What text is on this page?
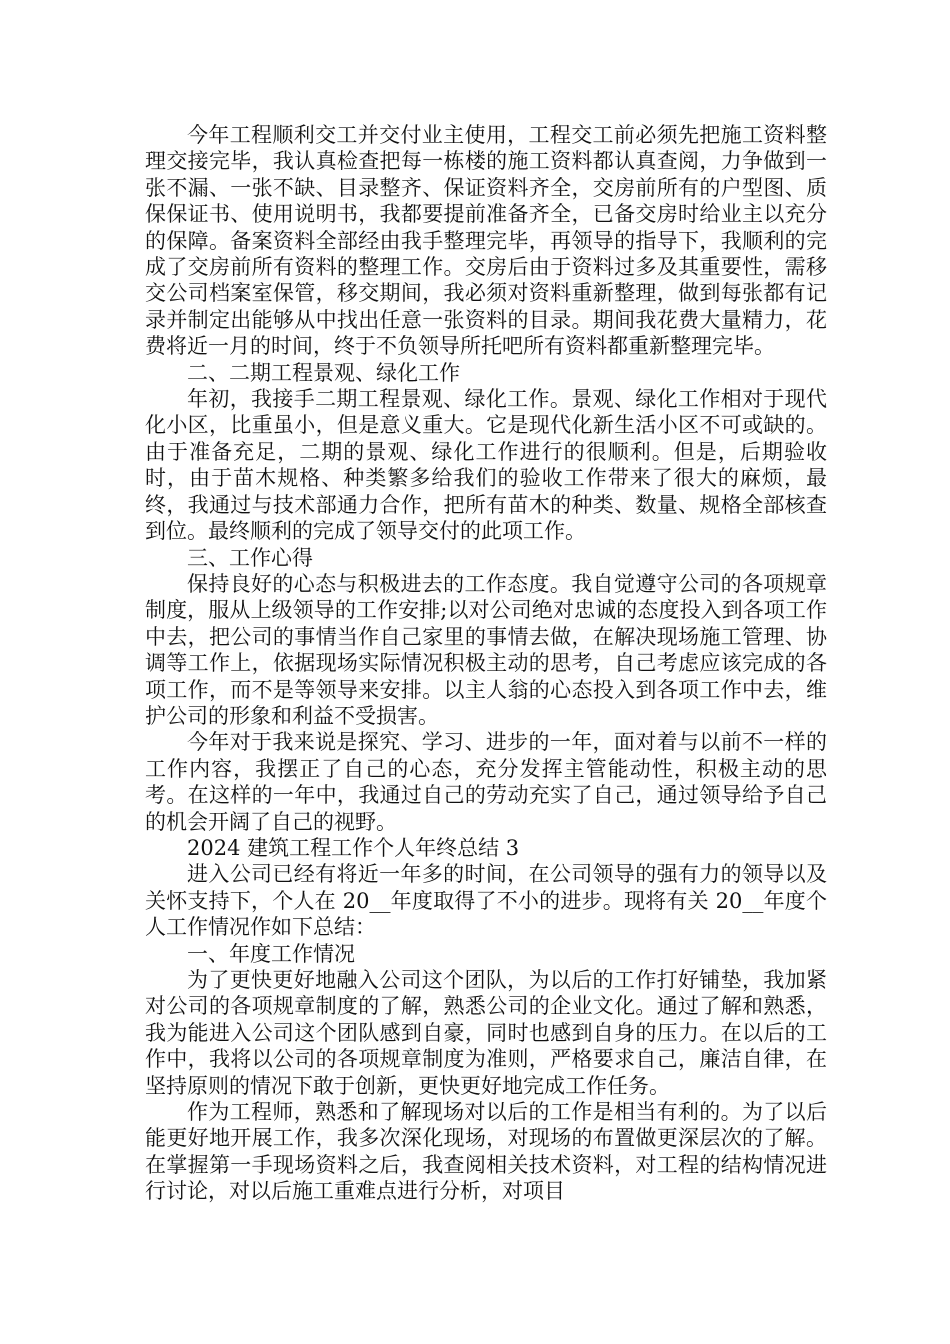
今年工程顺利交工并交付业主使用，工程交工前必须先把施工资料整理交接完毕，我认真检查把每一栋楼的施工资料都认真查阅，力争做到一张不漏、一张不缺、目录整齐、保证资料齐全，交房前所有的户型图、质保保证书、使用说明书，我都要提前准备齐全，已备交房时给业主以充分的保障。备案资料全部经由我手整理完毕，再领导的指导下，我顺利的完成了交房前所有资料的整理工作。交房后由于资料过多及其重要性，需移交公司档案室保管，移交期间，我必须对资料重新整理，做到每张都有记录并制定出能够从中找出任意一张资料的目录。期间我花费大量精力，花费将近一月的时间，终于不负领导所托吧所有资料都重新整理完毕。

二、二期工程景观、绿化工作

年初，我接手二期工程景观、绿化工作。景观、绿化工作相对于现代化小区，比重虽小，但是意义重大。它是现代化新生活小区不可或缺的。由于准备充足，二期的景观、绿化工作进行的很顺利。但是，后期验收时，由于苗木规格、种类繁多给我们的验收工作带来了很大的麻烦，最终，我通过与技术部通力合作，把所有苗木的种类、数量、规格全部核查到位。最终顺利的完成了领导交付的此项工作。

三、工作心得

保持良好的心态与积极进去的工作态度。我自觉遵守公司的各项规章制度，服从上级领导的工作安排;以对公司绝对忠诚的态度投入到各项工作中去，把公司的事情当作自己家里的事情去做，在解决现场施工管理、协调等工作上，依据现场实际情况积极主动的思考，自己考虑应该完成的各项工作，而不是等领导来安排。以主人翁的心态投入到各项工作中去，维护公司的形象和利益不受损害。

今年对于我来说是探究、学习、进步的一年，面对着与以前不一样的工作内容，我摆正了自己的心态，充分发挥主管能动性，积极主动的思考。在这样的一年中，我通过自己的劳动充实了自己，通过领导给予自己的机会开阔了自己的视野。

2024 建筑工程工作个人年终总结 3

进入公司已经有将近一年多的时间，在公司领导的强有力的领导以及关怀支持下，个人在 20__年度取得了不小的进步。现将有关 20__年度个人工作情况作如下总结：

一、年度工作情况

为了更快更好地融入公司这个团队，为以后的工作打好铺垫，我加紧对公司的各项规章制度的了解，熟悉公司的企业文化。通过了解和熟悉，我为能进入公司这个团队感到自豪，同时也感到自身的压力。在以后的工作中，我将以公司的各项规章制度为准则，严格要求自己，廉洁自律，在坚持原则的情况下敢于创新，更快更好地完成工作任务。

作为工程师，熟悉和了解现场对以后的工作是相当有利的。为了以后能更好地开展工作，我多次深化现场，对现场的布置做更深层次的了解。在掌握第一手现场资料之后，我查阅相关技术资料，对工程的结构情况进行讨论，对以后施工重难点进行分析，对项目
